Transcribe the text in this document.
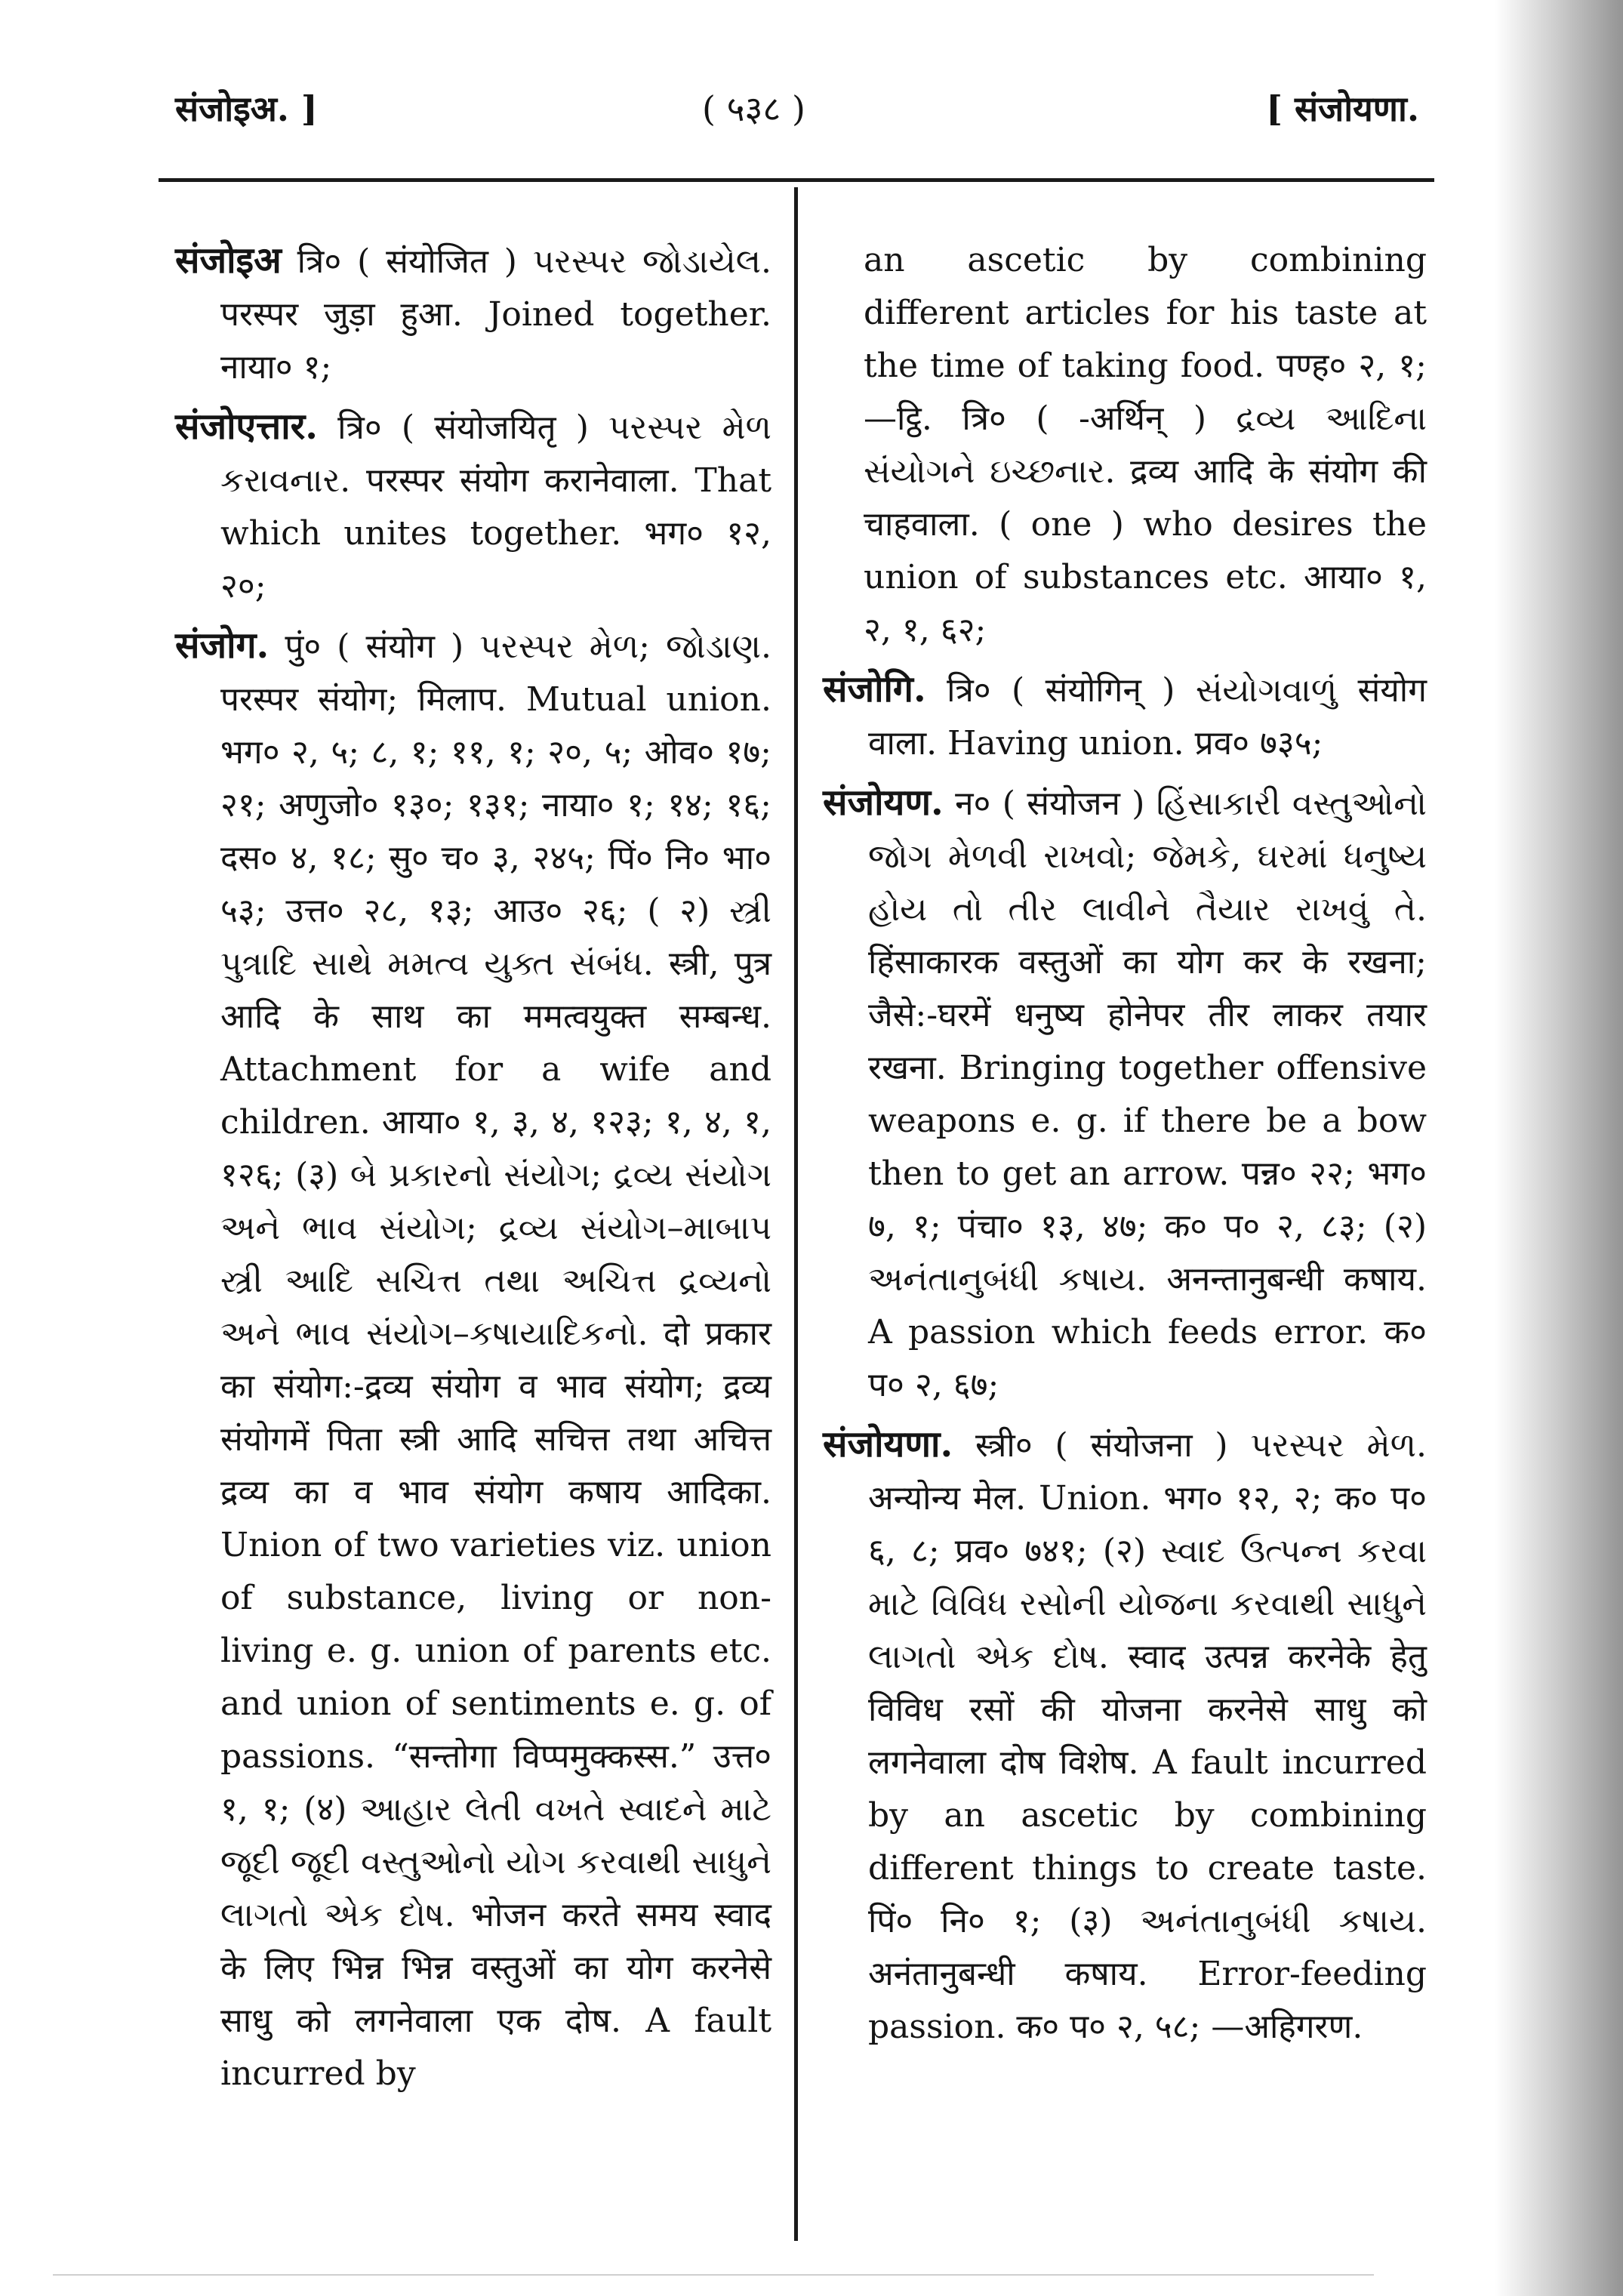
संजोइअ. ]	( ५३८ )	[ संजोयणा.

संजोइअ त्रि० ( संयोजित ) પરસ્પર જોડાયેલ. परस्पर जुड़ा हुआ. Joined together. नाया० १;

संजोएत्तार. त्रि० ( संयोजयितृ ) પરસ્પર મેળ કરાવનાર. परस्पर संयोग करानेवाला. That which unites together. भग० १२, २०;

संजोग. पुं० ( संयोग ) પરસ્પર મેળ; જોડાણ. परस्पर संयोग; मिलाप. Mutual union. भग० २, ५; ८, १; ११, १; २०, ५; ओव० १७; २१; अणुजो० १३०; १३१; नाया० १; १४; १६; दस० ४, १८; सु० च० ३, २४५; पिं० नि० भा० ५३; उत्त० २८, १३; आउ० २६; ( २) સ્ત્રી પુત્રાદિ સાથે મમત્વ યુક્ત સંબંધ. स्त्री, पुत्र आदि के साथ का ममत्वयुक्त सम्बन्ध. Attachment for a wife and children. आया० १, ३, ४, १२३; १, ४, १, १२६; (३) બે પ્રકારનો સંયોગ; દ્રવ્ય સંયોગ અને ભાવ સંયોગ; દ્રવ્ય સંયોગ–માબાપ સ્ત્રી આદિ સચિત્ત તથા અચિત્ત દ્રવ્યનો અને ભાવ સંયોગ–કષાયાદિકનો. दो प्रकार का संयोग:-द्रव्य संयोग व भाव संयोग; द्रव्य संयोगमें पिता स्त्री आदि सचित्त तथा अचित्त द्रव्य का व भाव संयोग कषाय आदिका. Union of two varieties viz. union of substance, living or non-living e. g. union of parents etc. and union of sentiments e. g. of passions. “सन्तोगा विप्पमुक्कस्स.” उत्त० १, १; (४) આહાર લેતી વખતે સ્વાદને માટે જૂદી જૂદી વસ્તુઓનો યોગ કરવાથી સાધુને લાગતો એક દોષ. भोजन करते समय स्वाद के लिए भिन्न भिन्न वस्तुओं का योग करनेसे साधु को लगनेवाला एक दोष. A fault incurred by

an ascetic by combining different articles for his taste at the time of taking food. पण्ह० २, १; —ट्ठि. त्रि० ( -अर्थिन् ) દ્રવ્ય આદિના સંયોગને ઇચ્છનાર. द्रव्य आदि के संयोग की चाहवाला. ( one ) who desires the union of substances etc. आया० १, २, १, ६२;

संजोगि. त्रि० ( संयोगिन् ) સંયોગવાળું संयोग वाला. Having union. प्रव० ७३५;

संजोयण. न० ( संयोजन ) હિંસાકારી વસ્તુઓનો જોગ મેળવી રાખવો; જેમકે, ઘરમાં ધનુષ્ય હોય તો તીર લાવીને તૈયાર રાખવું તે. हिंसाकारक वस्तुओं का योग कर के रखना; जैसे:-घरमें धनुष्य होनेपर तीर लाकर तयार रखना. Bringing together offensive weapons e. g. if there be a bow then to get an arrow. पन्न० २२; भग० ७, १; पंचा० १३, ४७; क० प० २, ८३; (२) અનંતાનુબંધી કષાય. अनन्तानुबन्धी कषाय. A passion which feeds error. क० प० २, ६७;

संजोयणा. स्त्री० ( संयोजना ) પરસ્પર મેળ. अन्योन्य मेल. Union. भग० १२, २; क० प० ६, ८; प्रव० ७४१; (२) સ્વાદ ઉત્પન્ન કરવા માટે વિવિધ રસોની યોજના કરવાથી સાધુને લાગતો એક દોષ. स्वाद उत्पन्न करनेके हेतु विविध रसों की योजना करनेसे साधु को लगनेवाला दोष विशेष. A fault incurred by an ascetic by combining different things to create taste. पिं० नि० १; (३) અનંતાનુબંધી કષાય. अनंतानुबन्धी कषाय. Error-feeding passion. क० प० २, ५८; —अहिगरण.
